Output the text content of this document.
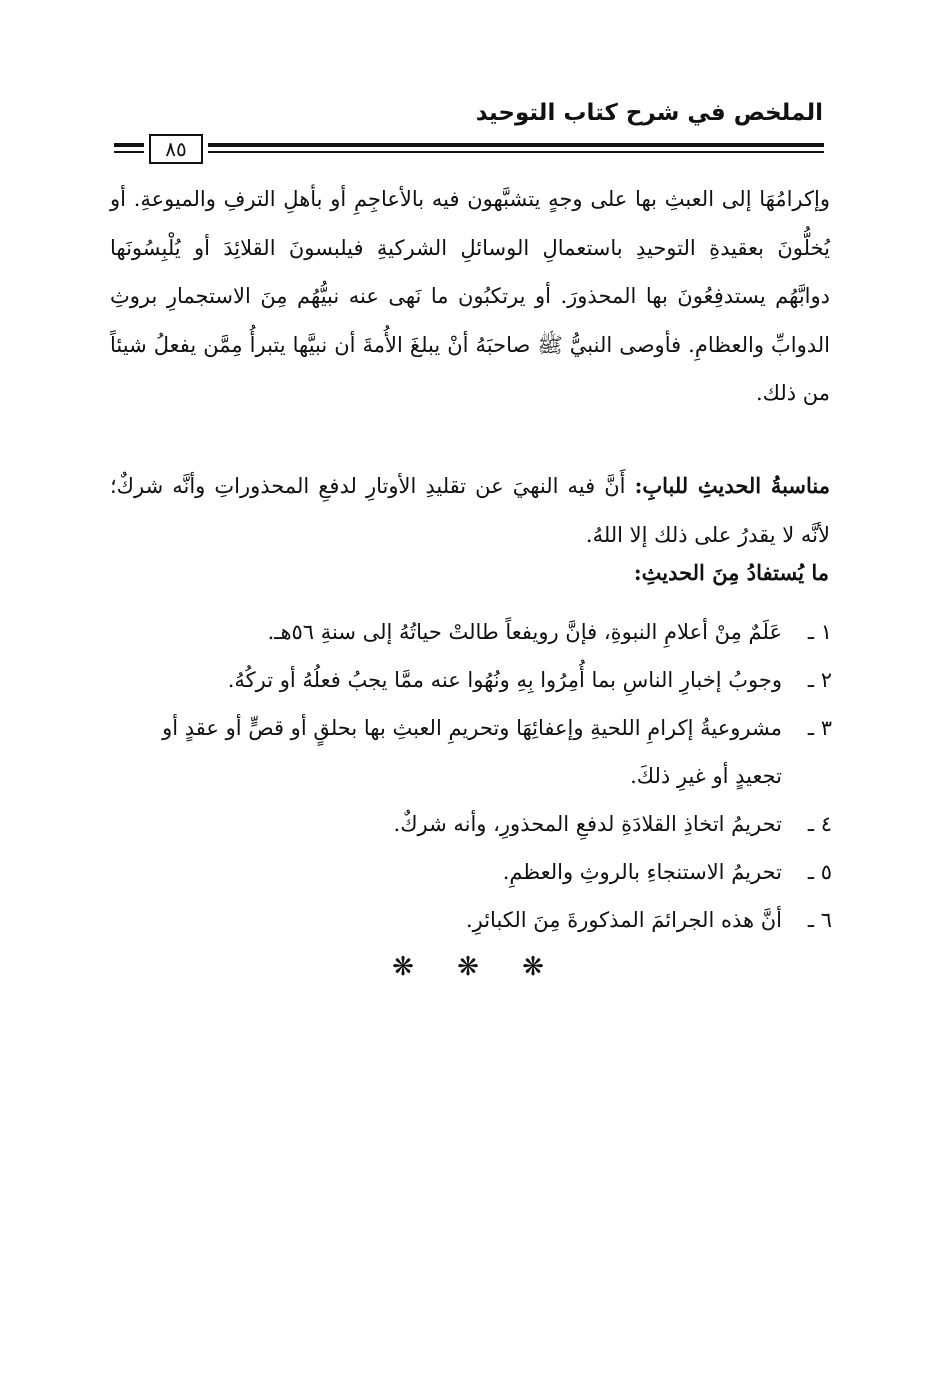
الملخص في شرح كتاب التوحيد
٨٥

وإكرامُهَا إلى العبثِ بها على وجهٍ يتشبَّهون فيه بالأعاجِمِ أو بأهلِ الترفِ والميوعةِ. أو يُخلُّونَ بعقيدةِ التوحيدِ باستعمالِ الوسائلِ الشركيةِ فيلبسونَ القلائِدَ أو يُلْبِسُونَها دوابَّهُم يستدفِعُونَ بها المحذورَ. أو يرتكبُون ما نَهى عنه نبيُّهُم مِنَ الاستجمارِ بروثِ الدوابِّ والعظامِ. فأوصى النبيُّ ﷺ صاحبَهُ أنْ يبلغَ الأُمةَ أن نبيَّها يتبرأُ مِمَّن يفعلُ شيئاً من ذلك.

مناسبةُ الحديثِ للبابِ: أَنَّ فيه النهيَ عن تقليدِ الأوتارِ لدفعِ المحذوراتِ وأنَّه شركٌ؛ لأنَّه لا يقدرُ على ذلك إلا اللهُ.

ما يُستفادُ مِنَ الحديثِ:
١ ـ
عَلَمٌ مِنْ أعلامِ النبوةِ، فإنَّ رويفعاً طالتْ حياتُهُ إلى سنةِ ٥٦هـ.
٢ ـ
وجوبُ إخبارِ الناسِ بما أُمِرُوا بِهِ ونُهُوا عنه ممَّا يجبُ فعلُهُ أو تركُهُ.
٣ ـ
مشروعيةُ إكرامِ اللحيةِ وإعفائِهَا وتحريمِ العبثِ بها بحلقٍ أو قصٍّ أو عقدٍ أو تجعيدٍ أو غيرِ ذلكَ.
٤ ـ
تحريمُ اتخاذِ القلادَةِ لدفعِ المحذورِ، وأنه شركٌ.
٥ ـ
تحريمُ الاستنجاءِ بالروثِ والعظمِ.
٦ ـ
أنَّ هذه الجرائمَ المذكورةَ مِنَ الكبائرِ.
❋ ❋ ❋
